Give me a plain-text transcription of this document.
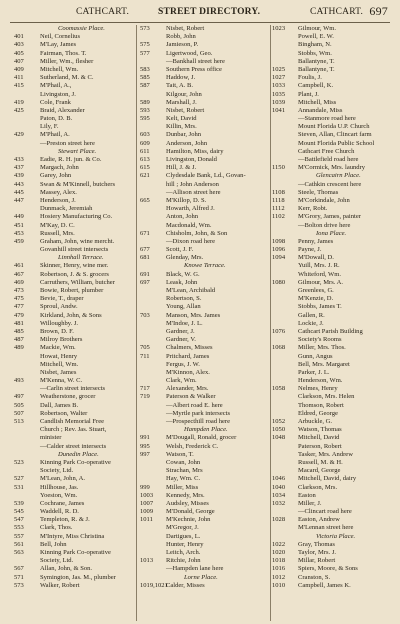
CATHCART.	STREET DIRECTORY.	CATHCART. 697
Coomassie Place.
401 Neil, Cornelius
403 M'Lay, James
405 Fairman, Thos. T.
407 Miller, Wm., flesher
409 Mitchell, Wm.
411	Sutherland, M. & C.
415 M'Phail, A.,
Livingston, J.
419 Cole, Frank
425 Braid, Alexander
Paton, D. B.
Lily, F.
429 M'Phail, A.
—Preston street here
Stewart Place.
433 Eadie, R. H. jun. & Co.
437 Margach, John
439 Garey, John
443 Swan & M'Kinnell, butchers
445 Massey, Alex.
447 Henderson, J.
Dunmack, Jeremiah
449 Hosiery Manufacturing Co.
451 M'Kay, D. C.
453 Russell, Mrs.
459 Graham, John, wine mercht.
Govanhill street intersects
Linnhall Terrace.
461 Skinner, Henry, wine mer.
467 Robertson, J. & S. grocers
469 Carruthers, William, butcher
473 Bowie, Robert, plumber
475 Bevie, T., draper
477 Sproul, Andw.
479 Kirkland, John, & Sons
481 Willoughby. J.
485 Brown, D. F.
487 Milroy Brothers
489 Mackie, Wm.
Howat, Henry
Mitchell, Wm.
Nisbet, James
493 M'Kenna, W. C.
—Carlin street intersects
497 Weatherstone, grocer
505 Dall, James B.
507 Robertson, Walter
513 Candlish Memorial Free
Church ; Rev. Jas. Stuart,
minister
—Calder street intersects
Dunedin Place.
523 Kinning Park Co-operative
Society, Ltd.
527 M'Lean, John, A.
531 Hillhouse, Jas.
Yoeston, Wm.
539 Cochrane, James
545 Waddell, R. D.
547 Templeton, R. & J.
553 Clark, Thos.
557 M'Intyre, Miss Christina
561 Bell, John
563 Kinning Park Co-operative
Society, Ltd.
567 Allan, John, & Son.
571 Symington, Jas. M., plumber
573 Walker, Robert
573 Nisbet, Robert
Robb, John
575 Jamieson, P.
577 Ligertwood, Geo.
—Bankhall street here
583 Southern Press office
585 Haddow, J.
587 Tait, A. B.
Kilgour, John
589 Marshall, J.
593 Nisbet, Robert
595 Kelt, David
Killin, Mrs.
603 Dunbar, John
609 Anderson, John
611	Hamilton, Miss, dairy
613 Livingston, Donald
615 Hill, J. & J.
621 Clydesdale Bank, Ld., Govan-
hill ; John Anderson
—Allison street here
665 M'Killop, D. S.
Howarth, Alfred J.
Anton, John
Macdonald, Wm.
671 Chisholm, John, & Son
—Dixon road here
677 Scott, J. F.
681 Glenday, Mrs.
Knowe Terrace.
691 Black, W. G.
697 Leask, John
M'Lean, Archibald
Robertson, S.
Young, Allan
703 Manson, Mrs. James
M'Indoe, J. L.
Gardner, J.
Gardner, V.
705 Chalmers, Misses
711	Pritchard, James
Fergus, J. W.
M'Kinnon, Alex.
Clark, Wm.
717 Alexander, Mrs.
719 Paterson & Walker
—Albert road E. here
—Myrtle park intersects
—Prospecthill road here
Hampden Place.
991 M'Dougall, Ronald, grocer
995 Welsh, Frederick C.
997 Watson, T.
Cowan, John
Strachan, Mrs
Hay, Wm. C.
999 Miller, Miss
1003 Kennedy, Mrs.
1007 Audsley, Misses
1009 M'Donald, George
1011 M'Kechnie, John
M'Gregor, J.
Dartigues, L.
Hunter, Henry
Leitch, Arch.
1013 Ritchie, John
—Hampden lane here
Lorne Place.
1019,1021Calder, Misses
1023 Gilmour, Wm.
Powell, E. W.
Bingham, N.
Stobbs, Wm.
Ballantyne, T.
1025 Ballantyne, T.
1027 Foulis, J.
1033 Campbell, K.
1035 Plant, J.
1039 Mitchell, Miss
1041 Annandale, Miss
—Stanmore road here
Mount Florida U.P. Church
Steven, Allan, Clincart farm
Mount Florida Public School
Cathcart Free Church
—Battlefield road here
1150 M'Cormick, Mrs. laundry
Glencairn Place.
—Cathkin crescent here
1108 Steele, Thomas
1118 M'Corkindale, John
1112 Kerr, Robt.
1102 M'Grory, James, painter
—Bolton drive here
Iona Place.
1098 Penny, James
1096 Payne, J.
1094 M'Dowall, D.
Yuill, Mrs. J. R.
Whiteford, Wm.
1080 Gilmour, Mrs. A.
Greenlees, G.
M'Kenzie, D.
Stobbs, James T.
Gallen, R.
Lockie, J.
1076 Cathcart Parish Building
Society's Rooms
1068 Miller, Mrs. Thos.
Gunn, Angus
Bell, Mrs. Margaret
Parker, J. L.
Henderson, Wm.
1058 Nelmes, Henry
Clarkson, Mrs. Helen
Thomson, Robert
Eldred, George
1052 Arbuckle, G.
1050 Watson, Thomas
1048 Mitchell, David
Paterson, Robert
Tasker, Mrs. Andrew
Russell, M. & H.
Macard, George
1046 Mitchell, David, dairy
1040 Clarkson, Mrs.
1034 Easton
1032 Miller, J.
—Clincart road here
1028 Easton, Andrew
M'Lennan street here
Victoria Place.
1022 Gray, Thomas
1020 Taylor, Mrs. J.
1018 Millar, Robert
1016 Spiers, Moore, & Sons
1012 Cranston, S.
1010 Campbell, James K.
